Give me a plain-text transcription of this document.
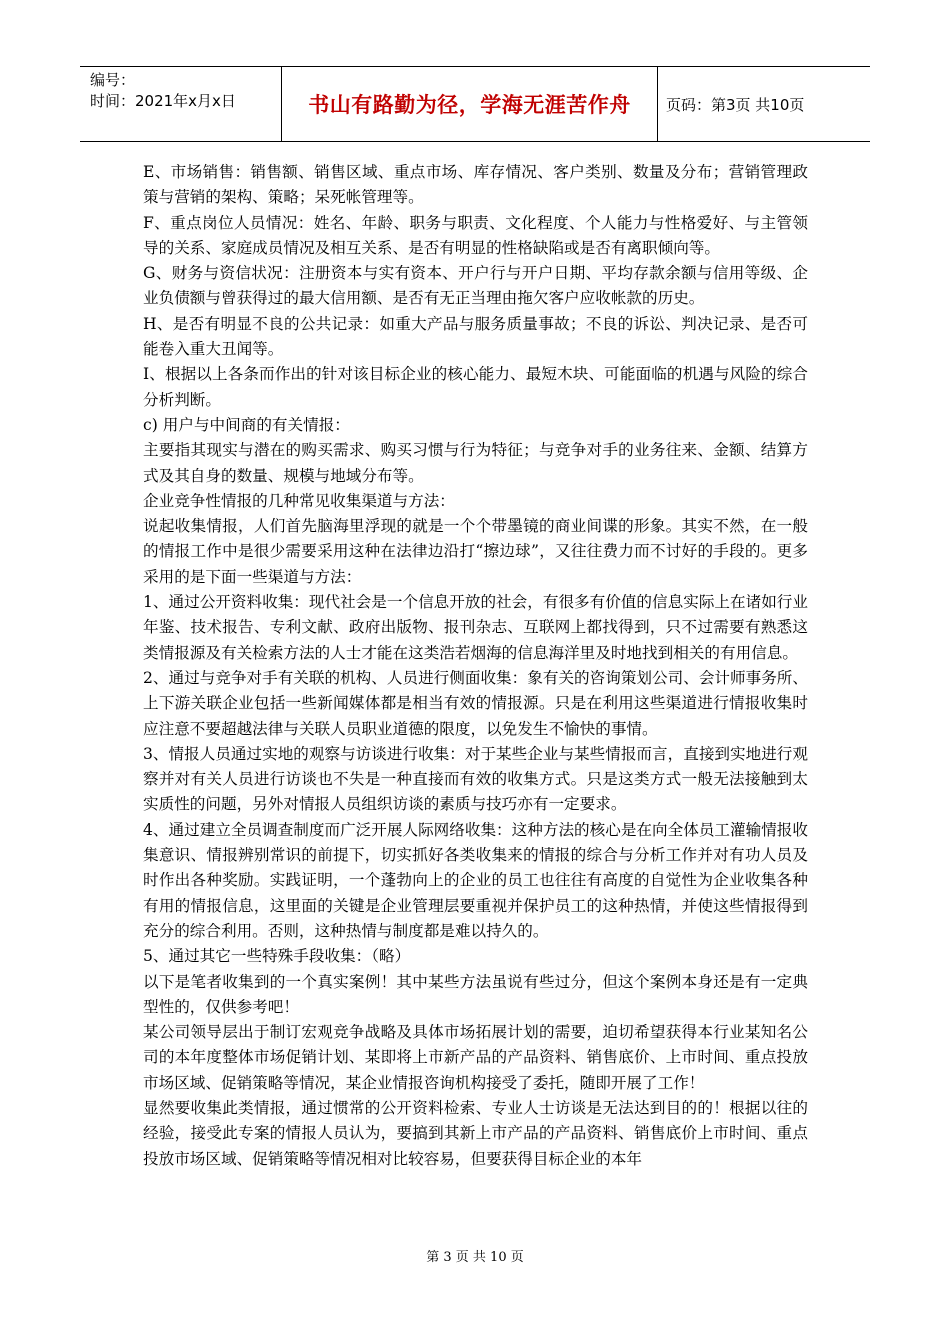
编号：
时间：2021年x月x日	书山有路勤为径，学海无涯苦作舟 页码：第3页 共10页

E、市场销售：销售额、销售区域、重点市场、库存情况、客户类别、数量及分布；营销管理政策与营销的架构、策略；呆死帐管理等。

F、重点岗位人员情况：姓名、年龄、职务与职责、文化程度、个人能力与性格爱好、与主管领导的关系、家庭成员情况及相互关系、是否有明显的性格缺陷或是否有离职倾向等。

G、财务与资信状况：注册资本与实有资本、开户行与开户日期、平均存款余额与信用等级、企业负债额与曾获得过的最大信用额、是否有无正当理由拖欠客户应收帐款的历史。

H、是否有明显不良的公共记录：如重大产品与服务质量事故；不良的诉讼、判决记录、是否可能卷入重大丑闻等。

I、根据以上各条而作出的针对该目标企业的核心能力、最短木块、可能面临的机遇与风险的综合分析判断。

c) 用户与中间商的有关情报：

主要指其现实与潜在的购买需求、购买习惯与行为特征；与竞争对手的业务往来、金额、结算方式及其自身的数量、规模与地域分布等。

企业竞争性情报的几种常见收集渠道与方法：

说起收集情报，人们首先脑海里浮现的就是一个个带墨镜的商业间谍的形象。其实不然，在一般的情报工作中是很少需要采用这种在法律边沿打“擦边球”，又往往费力而不讨好的手段的。更多采用的是下面一些渠道与方法：

1、通过公开资料收集：现代社会是一个信息开放的社会，有很多有价值的信息实际上在诸如行业年鉴、技术报告、专利文献、政府出版物、报刊杂志、互联网上都找得到，只不过需要有熟悉这类情报源及有关检索方法的人士才能在这类浩若烟海的信息海洋里及时地找到相关的有用信息。

2、通过与竞争对手有关联的机构、人员进行侧面收集：象有关的咨询策划公司、会计师事务所、上下游关联企业包括一些新闻媒体都是相当有效的情报源。只是在利用这些渠道进行情报收集时应注意不要超越法律与关联人员职业道德的限度，以免发生不愉快的事情。

3、情报人员通过实地的观察与访谈进行收集：对于某些企业与某些情报而言，直接到实地进行观察并对有关人员进行访谈也不失是一种直接而有效的收集方式。只是这类方式一般无法接触到太实质性的问题，另外对情报人员组织访谈的素质与技巧亦有一定要求。

4、通过建立全员调查制度而广泛开展人际网络收集：这种方法的核心是在向全体员工灌输情报收集意识、情报辨别常识的前提下，切实抓好各类收集来的情报的综合与分析工作并对有功人员及时作出各种奖励。实践证明，一个蓬勃向上的企业的员工也往往有高度的自觉性为企业收集各种有用的情报信息，这里面的关键是企业管理层要重视并保护员工的这种热情，并使这些情报得到充分的综合利用。否则，这种热情与制度都是难以持久的。

5、通过其它一些特殊手段收集：（略）

以下是笔者收集到的一个真实案例！其中某些方法虽说有些过分，但这个案例本身还是有一定典型性的，仅供参考吧！

某公司领导层出于制订宏观竞争战略及具体市场拓展计划的需要，迫切希望获得本行业某知名公司的本年度整体市场促销计划、某即将上市新产品的产品资料、销售底价、上市时间、重点投放市场区域、促销策略等情况，某企业情报咨询机构接受了委托，随即开展了工作！

显然要收集此类情报，通过惯常的公开资料检索、专业人士访谈是无法达到目的的！根据以往的经验，接受此专案的情报人员认为，要搞到其新上市产品的产品资料、销售底价上市时间、重点投放市场区域、促销策略等情况相对比较容易，但要获得目标企业的本年

第 3 页 共 10 页
